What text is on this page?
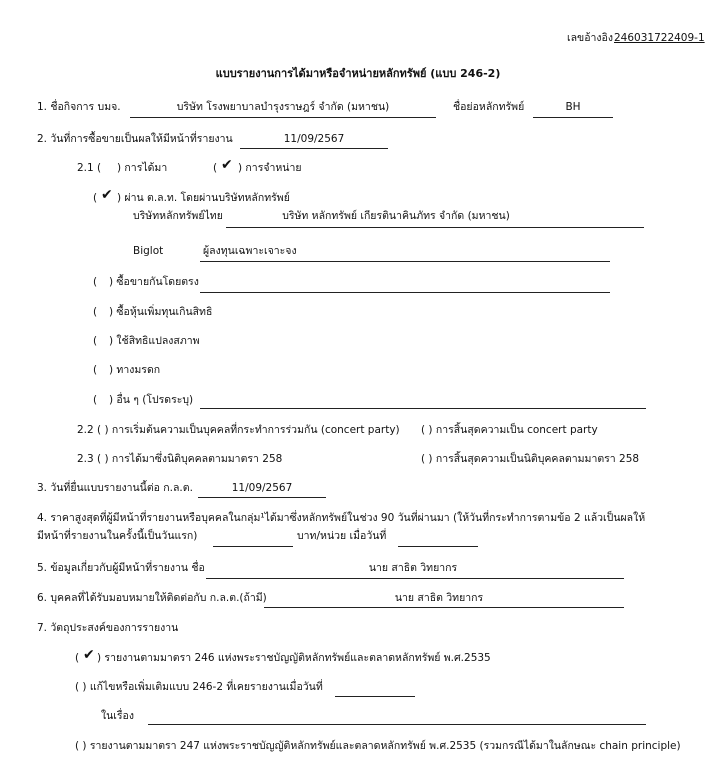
เลขอ้างอิง 246031722409-1
แบบรายงานการได้มาหรือจำหน่ายหลักทรัพย์ (แบบ 246-2)
1. ชื่อกิจการ บมจ.	บริษัท โรงพยาบาลบำรุงราษฎร์ จำกัด (มหาชน)	ชื่อย่อหลักทรัพย์	BH
2. วันที่การซื้อขายเป็นผลให้มีหน้าที่รายงาน	11/09/2567
2.1 ( ) การได้มา	( ✔ ) การจำหน่าย
( ✔ ) ผ่าน ต.ล.ท. โดยผ่านบริษัทหลักทรัพย์
บริษัทหลักทรัพย์ไทย	บริษัท หลักทรัพย์ เกียรตินาคินภัทร จำกัด (มหาชน)
Biglot	ผู้ลงทุนเฉพาะเจาะจง
( ) ซื้อขายกันโดยตรง
( ) ซื้อหุ้นเพิ่มทุนเกินสิทธิ
( ) ใช้สิทธิแปลงสภาพ
( ) ทางมรดก
( ) อื่น ๆ (โปรดระบุ)
2.2 ( ) การเริ่มต้นความเป็นบุคคลที่กระทำการร่วมกัน (concert party) ( ) การสิ้นสุดความเป็น concert party
2.3 ( ) การได้มาซึ่งนิติบุคคลตามมาตรา 258	( ) การสิ้นสุดความเป็นนิติบุคคลตามมาตรา 258
3. วันที่ยื่นแบบรายงานนี้ต่อ ก.ล.ต.	11/09/2567
4. ราคาสูงสุดที่ผู้มีหน้าที่รายงานหรือบุคคลในกลุ่ม¹ได้มาซึ่งหลักทรัพย์ในช่วง 90 วันที่ผ่านมา (ให้วันที่กระทำการตามข้อ 2 แล้วเป็นผลให้
มีหน้าที่รายงานในครั้งนี้เป็นวันแรก)	บาท/หน่วย เมื่อวันที่
5. ข้อมูลเกี่ยวกับผู้มีหน้าที่รายงาน ชื่อ	นาย สาธิต วิทยากร
6. บุคคลที่ได้รับมอบหมายให้ติดต่อกับ ก.ล.ต.(ถ้ามี)	นาย สาธิต วิทยากร
7. วัตถุประสงค์ของการรายงาน
( ✔ ) รายงานตามมาตรา 246 แห่งพระราชบัญญัติหลักทรัพย์และตลาดหลักทรัพย์ พ.ศ.2535
( ) แก้ไขหรือเพิ่มเติมแบบ 246-2 ที่เคยรายงานเมื่อวันที่
ในเรื่อง
( ) รายงานตามมาตรา 247 แห่งพระราชบัญญัติหลักทรัพย์และตลาดหลักทรัพย์ พ.ศ.2535 (รวมกรณีได้มาในลักษณะ chain principle)
